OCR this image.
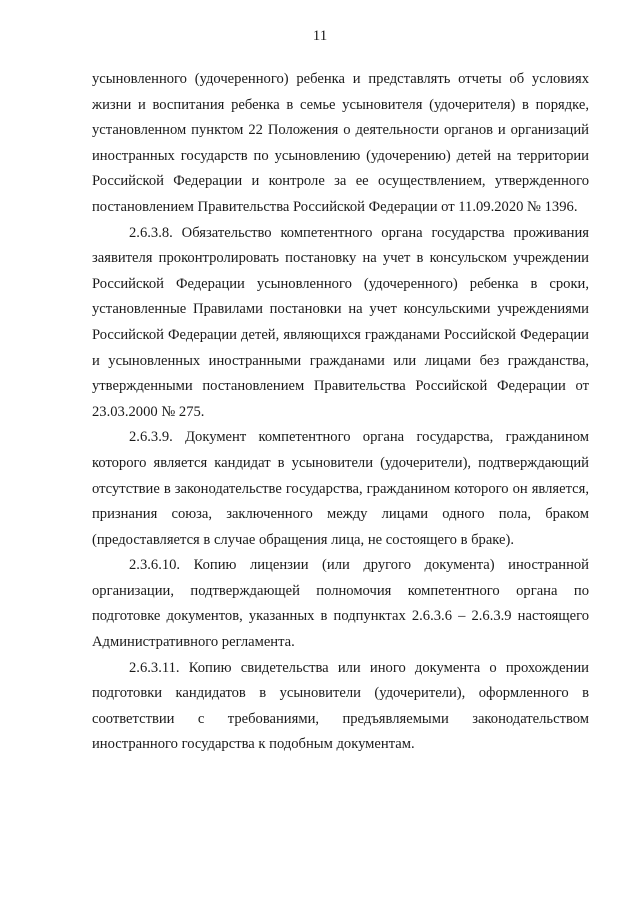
11

усыновленного (удочеренного) ребенка и представлять отчеты об условиях жизни и воспитания ребенка в семье усыновителя (удочерителя) в порядке, установленном пунктом 22 Положения о деятельности органов и организаций иностранных государств по усыновлению (удочерению) детей на территории Российской Федерации и контроле за ее осуществлением, утвержденного постановлением Правительства Российской Федерации от 11.09.2020 № 1396.

2.6.3.8. Обязательство компетентного органа государства проживания заявителя проконтролировать постановку на учет в консульском учреждении Российской Федерации усыновленного (удочеренного) ребенка в сроки, установленные Правилами постановки на учет консульскими учреждениями Российской Федерации детей, являющихся гражданами Российской Федерации и усыновленных иностранными гражданами или лицами без гражданства, утвержденными постановлением Правительства Российской Федерации от 23.03.2000 № 275.

2.6.3.9. Документ компетентного органа государства, гражданином которого является кандидат в усыновители (удочерители), подтверждающий отсутствие в законодательстве государства, гражданином которого он является, признания союза, заключенного между лицами одного пола, браком (предоставляется в случае обращения лица, не состоящего в браке).

2.3.6.10. Копию лицензии (или другого документа) иностранной организации, подтверждающей полномочия компетентного органа по подготовке документов, указанных в подпунктах 2.6.3.6 – 2.6.3.9 настоящего Административного регламента.

2.6.3.11. Копию свидетельства или иного документа о прохождении подготовки кандидатов в усыновители (удочерители), оформленного в соответствии с требованиями, предъявляемыми законодательством иностранного государства к подобным документам.
